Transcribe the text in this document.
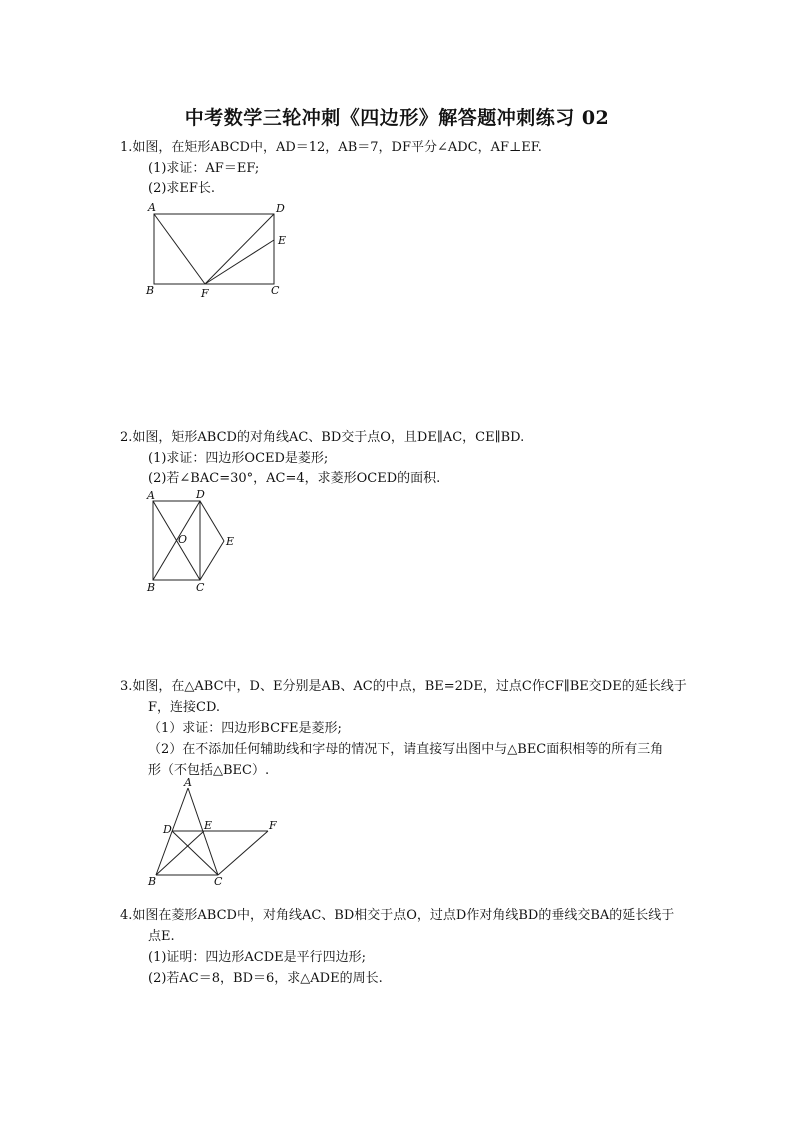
中考数学三轮冲刺《四边形》解答题冲刺练习 02
1.如图，在矩形ABCD中，AD＝12，AB＝7，DF平分∠ADC，AF⊥EF.
(1)求证：AF＝EF;
(2)求EF长.
A	D
E
B	F	C
2.如图，矩形ABCD的对角线AC、BD交于点O，且DE∥AC，CE∥BD.
(1)求证：四边形OCED是菱形;
(2)若∠BAC=30°，AC=4，求菱形OCED的面积.
A	D
O	E
B	C
3.如图，在△ABC中，D、E分别是AB、AC的中点，BE=2DE，过点C作CF∥BE交DE的延长线于
F，连接CD.
（1）求证：四边形BCFE是菱形;
（2）在不添加任何辅助线和字母的情况下，请直接写出图中与△BEC面积相等的所有三角
形（不包括△BEC）.
A
D	E	F
B	C
4.如图在菱形ABCD中，对角线AC、BD相交于点O，过点D作对角线BD的垂线交BA的延长线于
点E.
(1)证明：四边形ACDE是平行四边形;
(2)若AC＝8，BD＝6，求△ADE的周长.
